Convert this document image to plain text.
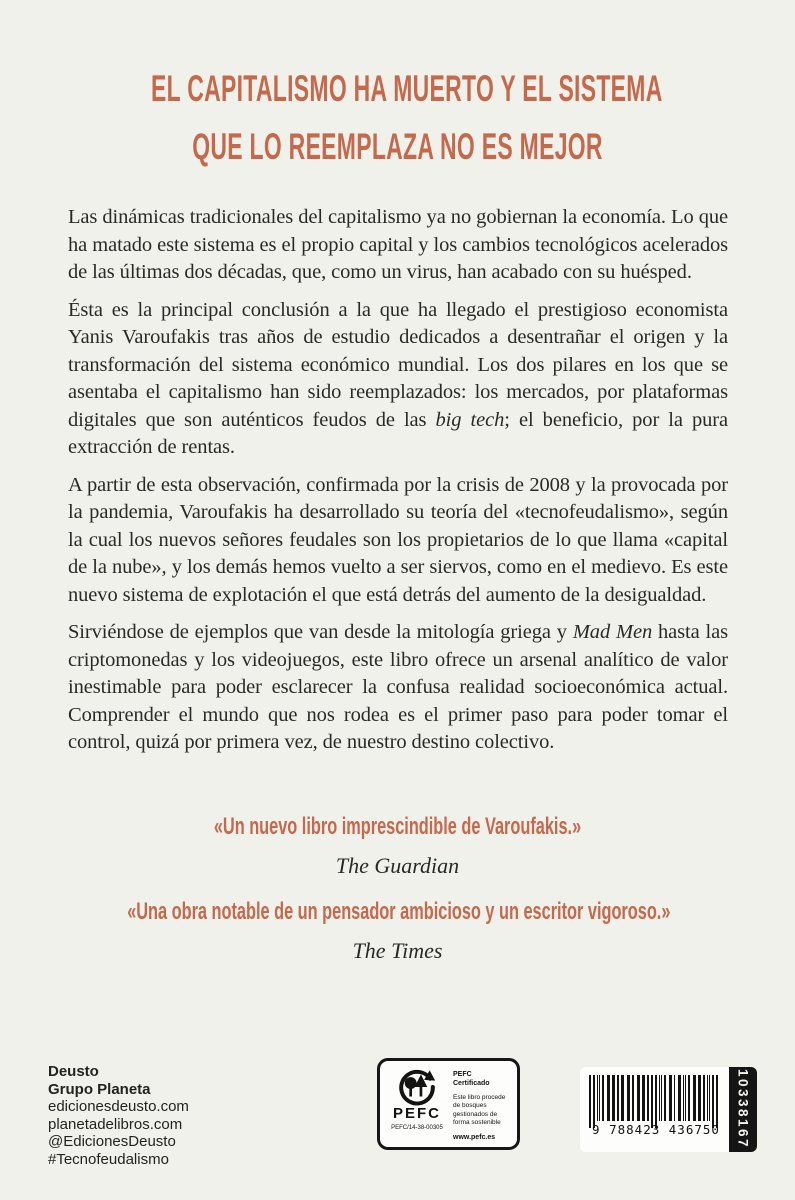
EL CAPITALISMO HA MUERTO Y EL SISTEMA
QUE LO REEMPLAZA NO ES MEJOR

Las dinámicas tradicionales del capitalismo ya no gobiernan la economía. Lo que ha matado este sistema es el propio capital y los cambios tecnológicos acelerados de las últimas dos décadas, que, como un virus, han acabado con su huésped.

Ésta es la principal conclusión a la que ha llegado el prestigioso economista Yanis Varoufakis tras años de estudio dedicados a desentrañar el origen y la transformación del sistema económico mundial. Los dos pilares en los que se asentaba el capitalismo han sido reemplazados: los mercados, por plataformas digitales que son auténticos feudos de las big tech; el beneficio, por la pura extracción de rentas.

A partir de esta observación, confirmada por la crisis de 2008 y la provocada por la pandemia, Varoufakis ha desarrollado su teoría del «tecnofeudalismo», según la cual los nuevos señores feudales son los propietarios de lo que llama «capital de la nube», y los demás hemos vuelto a ser siervos, como en el medievo. Es este nuevo sistema de explotación el que está detrás del aumento de la desigualdad.

Sirviéndose de ejemplos que van desde la mitología griega y Mad Men hasta las criptomonedas y los videojuegos, este libro ofrece un arsenal analítico de valor inestimable para poder esclarecer la confusa realidad socioeconómica actual. Comprender el mundo que nos rodea es el primer paso para poder tomar el control, quizá por primera vez, de nuestro destino colectivo.

«Un nuevo libro imprescindible de Varoufakis.»

The Guardian

«Una obra notable de un pensador ambicioso y un escritor vigoroso.»

The Times

Deusto
Grupo Planeta
edicionesdeusto.com
planetadelibros.com
@EdicionesDeusto
#Tecnofeudalismo
PEFC
PEFC/14-38-00305
PEFC Certificado
Este libro procede de bosques gestionados de forma sostenible
www.pefc.es
9 788423 436750 10338167
